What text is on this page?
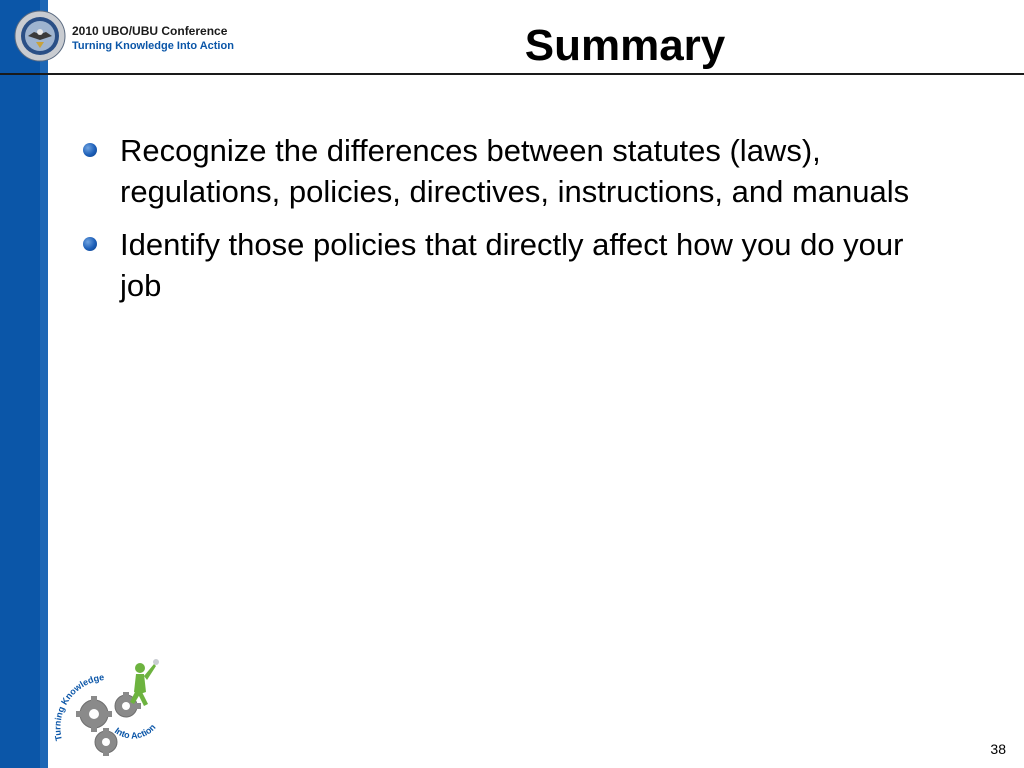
2010 UBO/UBU Conference
Turning Knowledge Into Action	Summary
Recognize the differences between statutes (laws), regulations, policies, directives, instructions, and manuals
Identify those policies that directly affect how you do your job
Turning Knowledge
Into Action
38
